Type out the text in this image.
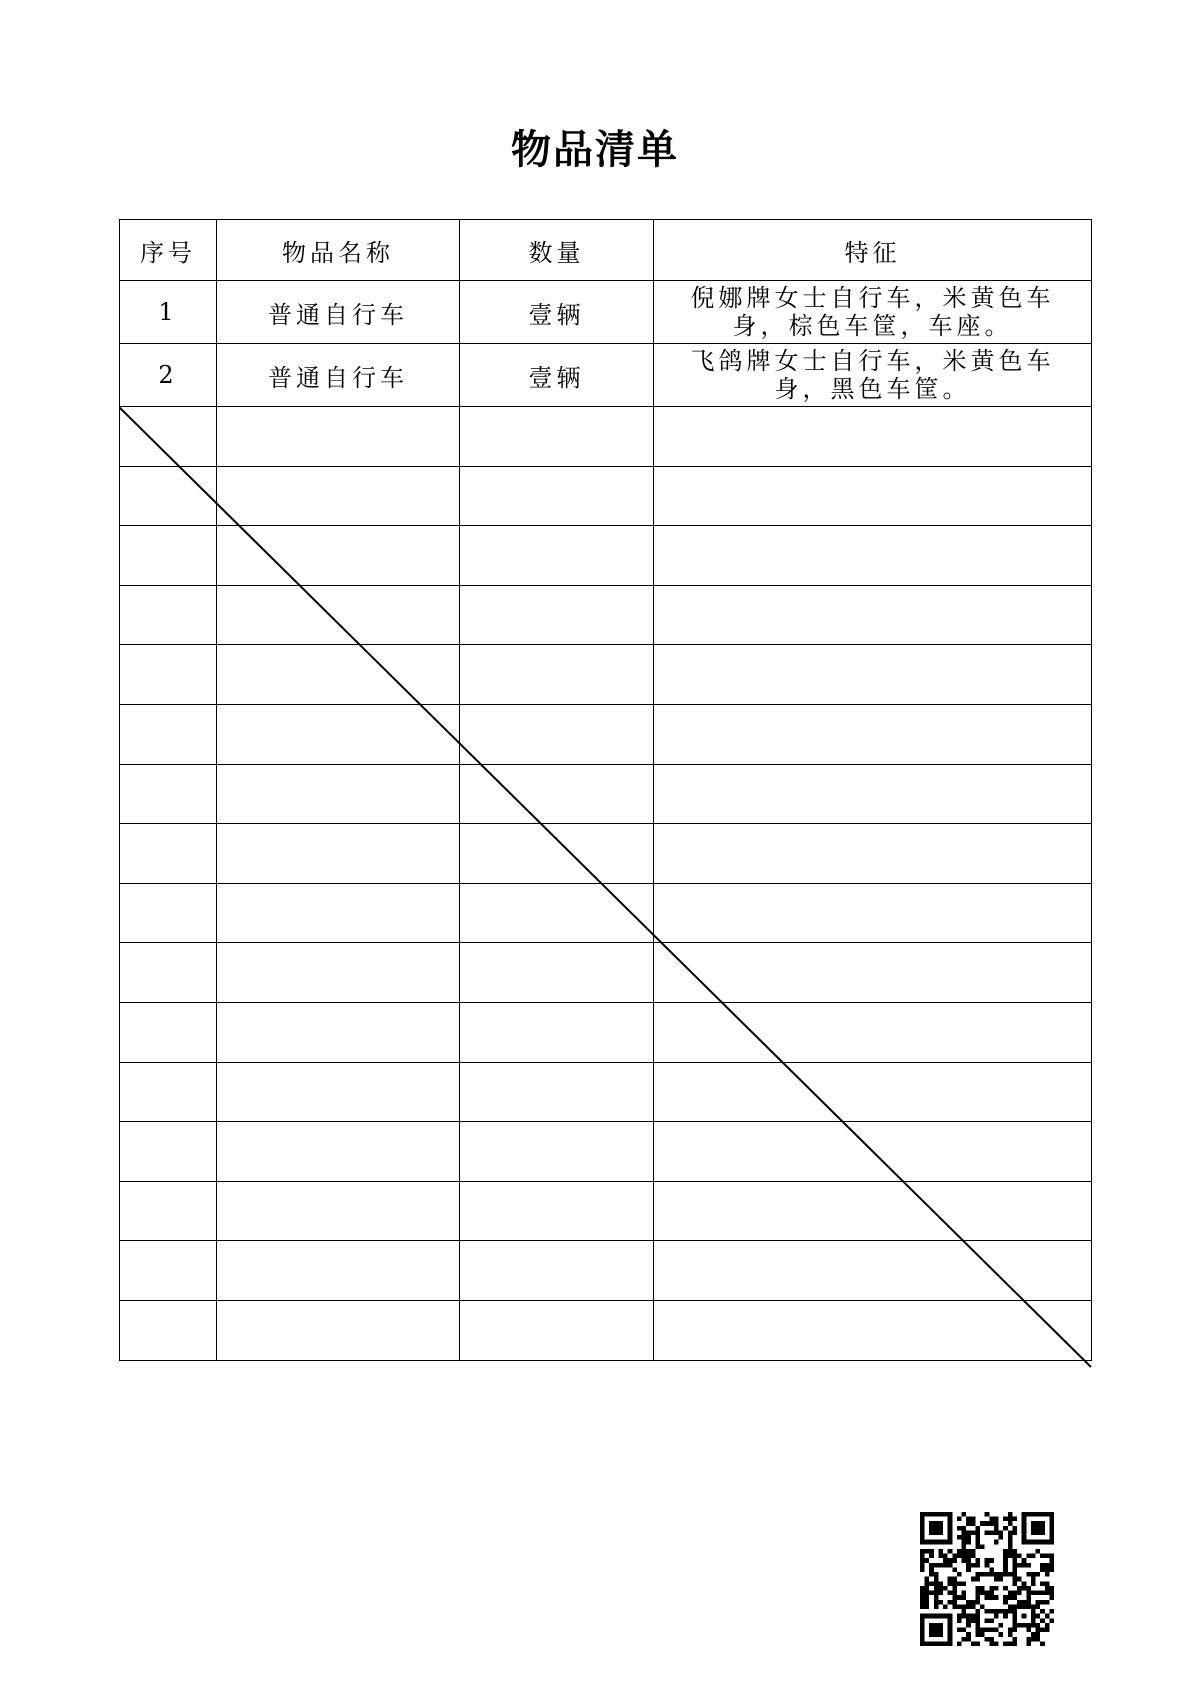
物品清单
序号	物品名称	数量	特征
1	普通自行车	壹辆	倪娜牌女士自行车，米黄色车身，棕色车筐，车座。

2	普通自行车	壹辆	飞鸽牌女士自行车，米黄色车身，黑色车筐。
